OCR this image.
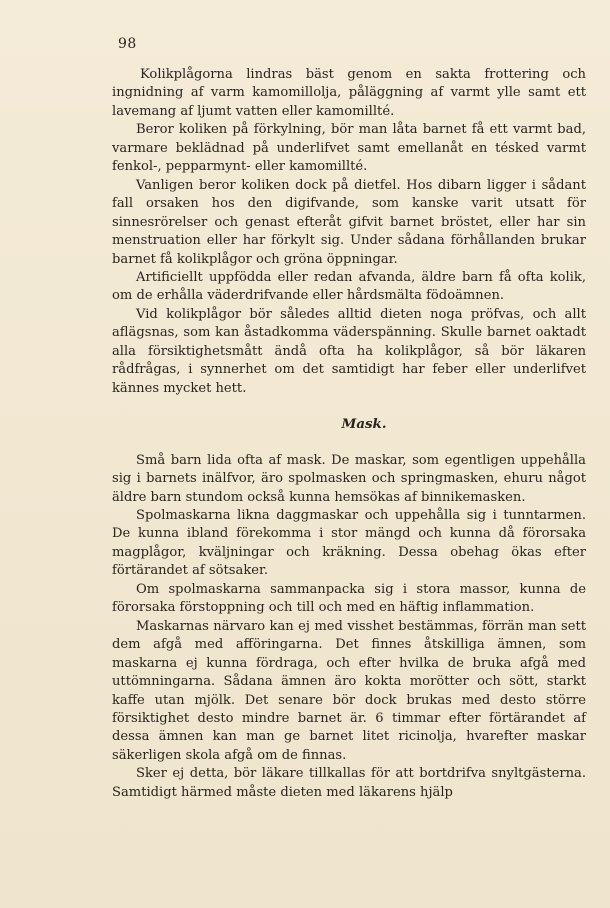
98

Kolikplågorna lindras bäst genom en sakta frottering och ingnidning af varm kamomillolja, påläggning af varmt ylle samt ett lavemang af ljumt vatten eller kamomillté.

Beror koliken på förkylning, bör man låta barnet få ett varmt bad, varmare beklädnad på underlifvet samt emellanåt en tésked varmt fenkol-, pepparmynt- eller kamomillté.

Vanligen beror koliken dock på dietfel. Hos dibarn ligger i sådant fall orsaken hos den digifvande, som kanske varit utsatt för sinnesrörelser och genast efteråt gifvit barnet bröstet, eller har sin menstruation eller har förkylt sig. Under sådana förhållanden brukar barnet få kolikplågor och gröna öppningar.

Artificiellt uppfödda eller redan afvanda, äldre barn få ofta kolik, om de erhålla väderdrifvande eller hårdsmälta födoämnen.

Vid kolikplågor bör således alltid dieten noga pröfvas, och allt aflägsnas, som kan åstadkomma väderspänning. Skulle barnet oaktadt alla försiktighetsmått ändå ofta ha kolikplågor, så bör läkaren rådfrågas, i synnerhet om det samtidigt har feber eller underlifvet kännes mycket hett.

Mask.

Små barn lida ofta af mask. De maskar, som egentligen uppehålla sig i barnets inälfvor, äro spolmasken och springmasken, ehuru något äldre barn stundom också kunna hemsökas af binnikemasken.

Spolmaskarna likna daggmaskar och uppehålla sig i tunntarmen. De kunna ibland förekomma i stor mängd och kunna då förorsaka magplågor, kväljningar och kräkning. Dessa obehag ökas efter förtärandet af sötsaker.

Om spolmaskarna sammanpacka sig i stora massor, kunna de förorsaka förstoppning och till och med en häftig inflammation.

Maskarnas närvaro kan ej med visshet bestämmas, förrän man sett dem afgå med afföringarna. Det finnes åtskilliga ämnen, som maskarna ej kunna fördraga, och efter hvilka de bruka afgå med uttömningarna. Sådana ämnen äro kokta morötter och sött, starkt kaffe utan mjölk. Det senare bör dock brukas med desto större försiktighet desto mindre barnet är. 6 timmar efter förtärandet af dessa ämnen kan man ge barnet litet ricinolja, hvarefter maskar säkerligen skola afgå om de finnas.

Sker ej detta, bör läkare tillkallas för att bortdrifva snyltgästerna. Samtidigt härmed måste dieten med läkarens hjälp
